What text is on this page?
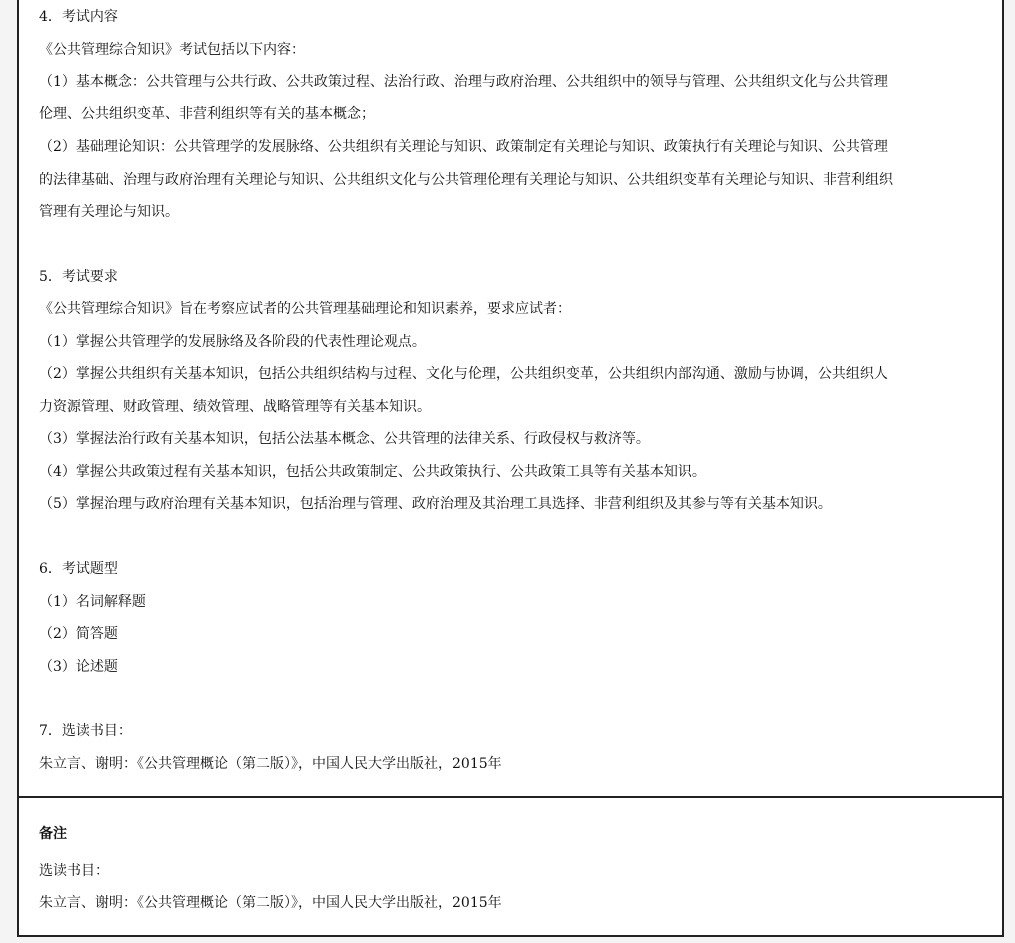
4．考试内容
《公共管理综合知识》考试包括以下内容：
（1）基本概念：公共管理与公共行政、公共政策过程、法治行政、治理与政府治理、公共组织中的领导与管理、公共组织文化与公共管理
伦理、公共组织变革、非营利组织等有关的基本概念；
（2）基础理论知识：公共管理学的发展脉络、公共组织有关理论与知识、政策制定有关理论与知识、政策执行有关理论与知识、公共管理
的法律基础、治理与政府治理有关理论与知识、公共组织文化与公共管理伦理有关理论与知识、公共组织变革有关理论与知识、非营利组织
管理有关理论与知识。
5．考试要求
《公共管理综合知识》旨在考察应试者的公共管理基础理论和知识素养，要求应试者：
（1）掌握公共管理学的发展脉络及各阶段的代表性理论观点。
（2）掌握公共组织有关基本知识，包括公共组织结构与过程、文化与伦理，公共组织变革，公共组织内部沟通、激励与协调，公共组织人
力资源管理、财政管理、绩效管理、战略管理等有关基本知识。
（3）掌握法治行政有关基本知识，包括公法基本概念、公共管理的法律关系、行政侵权与救济等。
（4）掌握公共政策过程有关基本知识，包括公共政策制定、公共政策执行、公共政策工具等有关基本知识。
（5）掌握治理与政府治理有关基本知识，包括治理与管理、政府治理及其治理工具选择、非营利组织及其参与等有关基本知识。
6．考试题型
（1）名词解释题
（2）简答题
（3）论述题
7．选读书目：
朱立言、谢明：《公共管理概论（第二版）》，中国人民大学出版社，2015年
备注
选读书目：
朱立言、谢明：《公共管理概论（第二版）》，中国人民大学出版社，2015年
